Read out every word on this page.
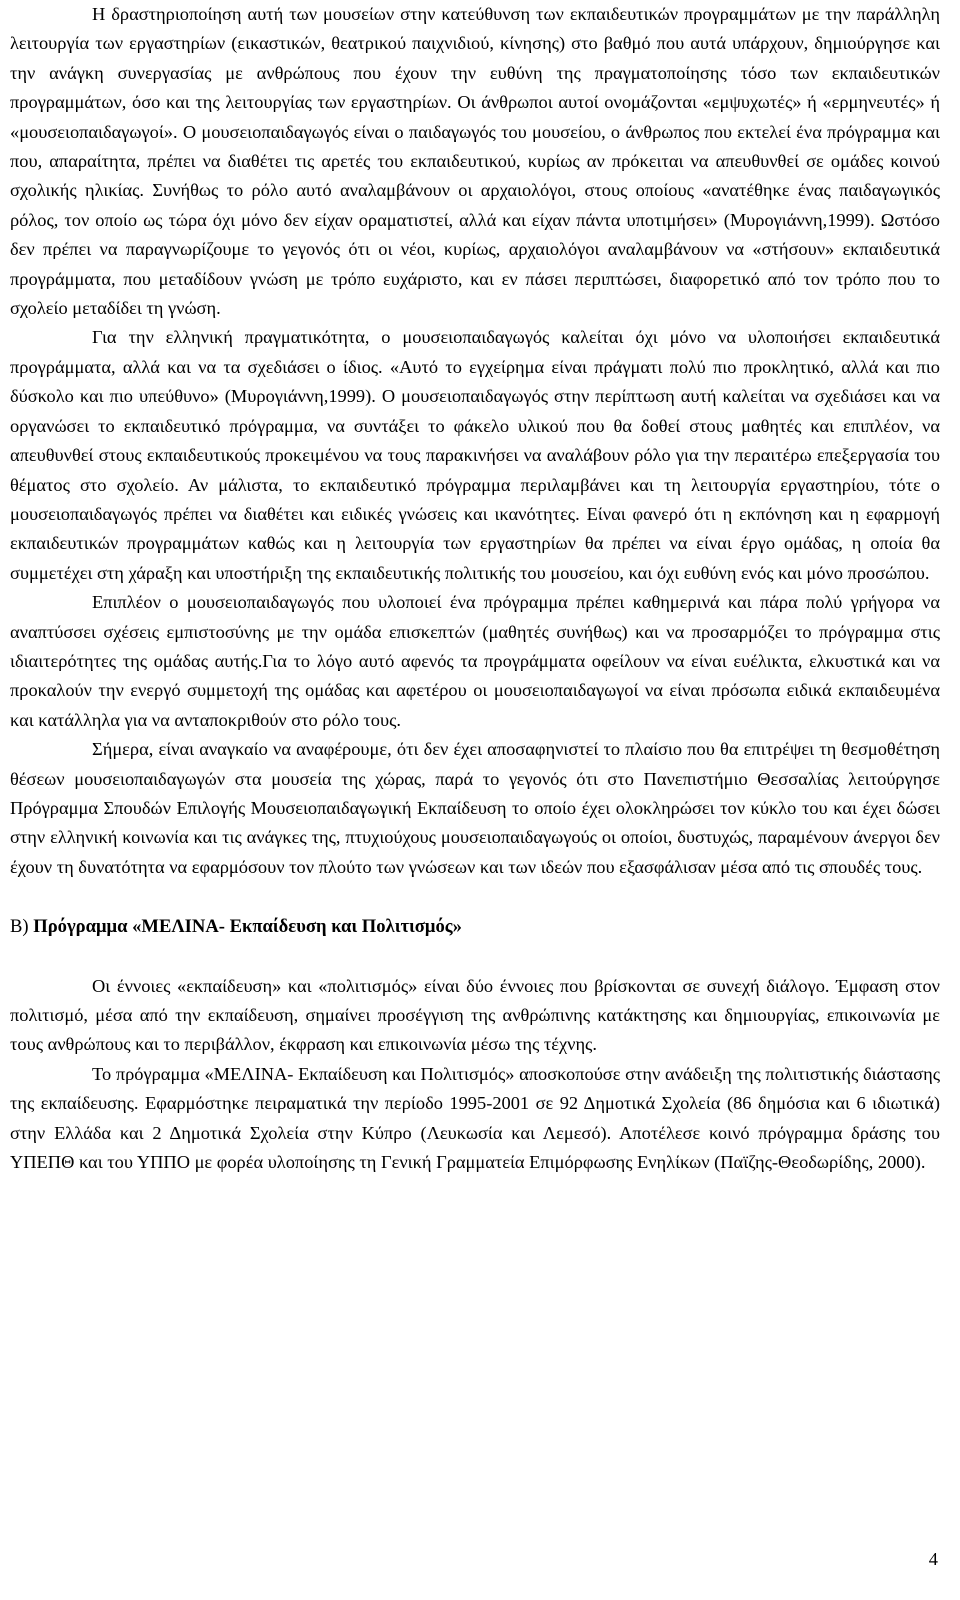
Η δραστηριοποίηση αυτή των μουσείων στην κατεύθυνση των εκπαιδευτικών προγραμμάτων με την παράλληλη λειτουργία των εργαστηρίων (εικαστικών, θεατρικού παιχνιδιού, κίνησης) στο βαθμό που αυτά υπάρχουν, δημιούργησε και την ανάγκη συνεργασίας με ανθρώπους που έχουν την ευθύνη της πραγματοποίησης τόσο των εκπαιδευτικών προγραμμάτων, όσο και της λειτουργίας των εργαστηρίων. Οι άνθρωποι αυτοί ονομάζονται «εμψυχωτές» ή «ερμηνευτές» ή «μουσειοπαιδαγωγοί». Ο μουσειοπαιδαγωγός είναι ο παιδαγωγός του μουσείου, ο άνθρωπος που εκτελεί ένα πρόγραμμα και που, απαραίτητα, πρέπει να διαθέτει τις αρετές του εκπαιδευτικού, κυρίως αν πρόκειται να απευθυνθεί σε ομάδες κοινού σχολικής ηλικίας. Συνήθως το ρόλο αυτό αναλαμβάνουν οι αρχαιολόγοι, στους οποίους «ανατέθηκε ένας παιδαγωγικός ρόλος, τον οποίο ως τώρα όχι μόνο δεν είχαν οραματιστεί, αλλά και είχαν πάντα υποτιμήσει» (Μυρογιάννη,1999). Ωστόσο δεν πρέπει να παραγνωρίζουμε το γεγονός ότι οι νέοι, κυρίως, αρχαιολόγοι αναλαμβάνουν να «στήσουν» εκπαιδευτικά προγράμματα, που μεταδίδουν γνώση με τρόπο ευχάριστο, και εν πάσει περιπτώσει, διαφορετικό από τον τρόπο που το σχολείο μεταδίδει τη γνώση.

Για την ελληνική πραγματικότητα, ο μουσειοπαιδαγωγός καλείται όχι μόνο να υλοποιήσει εκπαιδευτικά προγράμματα, αλλά και να τα σχεδιάσει ο ίδιος. «Αυτό το εγχείρημα είναι πράγματι πολύ πιο προκλητικό, αλλά και πιο δύσκολο και πιο υπεύθυνο» (Μυρογιάννη,1999). Ο μουσειοπαιδαγωγός στην περίπτωση αυτή καλείται να σχεδιάσει και να οργανώσει το εκπαιδευτικό πρόγραμμα, να συντάξει το φάκελο υλικού που θα δοθεί στους μαθητές και επιπλέον, να απευθυνθεί στους εκπαιδευτικούς προκειμένου να τους παρακινήσει να αναλάβουν ρόλο για την περαιτέρω επεξεργασία του θέματος στο σχολείο. Αν μάλιστα, το εκπαιδευτικό πρόγραμμα περιλαμβάνει και τη λειτουργία εργαστηρίου, τότε ο μουσειοπαιδαγωγός πρέπει να διαθέτει και ειδικές γνώσεις και ικανότητες. Είναι φανερό ότι η εκπόνηση και η εφαρμογή εκπαιδευτικών προγραμμάτων καθώς και η λειτουργία των εργαστηρίων θα πρέπει να είναι έργο ομάδας, η οποία θα συμμετέχει στη χάραξη και υποστήριξη της εκπαιδευτικής πολιτικής του μουσείου, και όχι ευθύνη ενός και μόνο προσώπου.

Επιπλέον ο μουσειοπαιδαγωγός που υλοποιεί ένα πρόγραμμα πρέπει καθημερινά και πάρα πολύ γρήγορα να αναπτύσσει σχέσεις εμπιστοσύνης με την ομάδα επισκεπτών (μαθητές συνήθως) και να προσαρμόζει το πρόγραμμα στις ιδιαιτερότητες της ομάδας αυτής.Για το λόγο αυτό αφενός τα προγράμματα οφείλουν να είναι ευέλικτα, ελκυστικά και να προκαλούν την ενεργό συμμετοχή της ομάδας και αφετέρου οι μουσειοπαιδαγωγοί να είναι πρόσωπα ειδικά εκπαιδευμένα και κατάλληλα για να ανταποκριθούν στο ρόλο τους.

Σήμερα, είναι αναγκαίο να αναφέρουμε, ότι δεν έχει αποσαφηνιστεί το πλαίσιο που θα επιτρέψει τη θεσμοθέτηση θέσεων μουσειοπαιδαγωγών στα μουσεία της χώρας, παρά το γεγονός ότι στο Πανεπιστήμιο Θεσσαλίας λειτούργησε Πρόγραμμα Σπουδών Επιλογής Μουσειοπαιδαγωγική Εκπαίδευση το οποίο έχει ολοκληρώσει τον κύκλο του και έχει δώσει στην ελληνική κοινωνία και τις ανάγκες της, πτυχιούχους μουσειοπαιδαγωγούς οι οποίοι, δυστυχώς, παραμένουν άνεργοι δεν έχουν τη δυνατότητα να εφαρμόσουν τον πλούτο των γνώσεων και των ιδεών που εξασφάλισαν μέσα από τις σπουδές τους.

Β) Πρόγραμμα «ΜΕΛΙΝΑ- Εκπαίδευση και Πολιτισμός»

Οι έννοιες «εκπαίδευση» και «πολιτισμός» είναι δύο έννοιες που βρίσκονται σε συνεχή διάλογο. Έμφαση στον πολιτισμό, μέσα από την εκπαίδευση, σημαίνει προσέγγιση της ανθρώπινης κατάκτησης και δημιουργίας, επικοινωνία με τους ανθρώπους και το περιβάλλον, έκφραση και επικοινωνία μέσω της τέχνης.

Το πρόγραμμα «ΜΕΛΙΝΑ- Εκπαίδευση και Πολιτισμός» αποσκοπούσε στην ανάδειξη της πολιτιστικής διάστασης της εκπαίδευσης. Εφαρμόστηκε πειραματικά την περίοδο 1995-2001 σε 92 Δημοτικά Σχολεία (86 δημόσια και 6 ιδιωτικά) στην Ελλάδα και 2 Δημοτικά Σχολεία στην Κύπρο (Λευκωσία και Λεμεσό). Αποτέλεσε κοινό πρόγραμμα δράσης του ΥΠΕΠΘ και του ΥΠΠΟ με φορέα υλοποίησης τη Γενική Γραμματεία Επιμόρφωσης Ενηλίκων (Παϊζης-Θεοδωρίδης, 2000).

4
